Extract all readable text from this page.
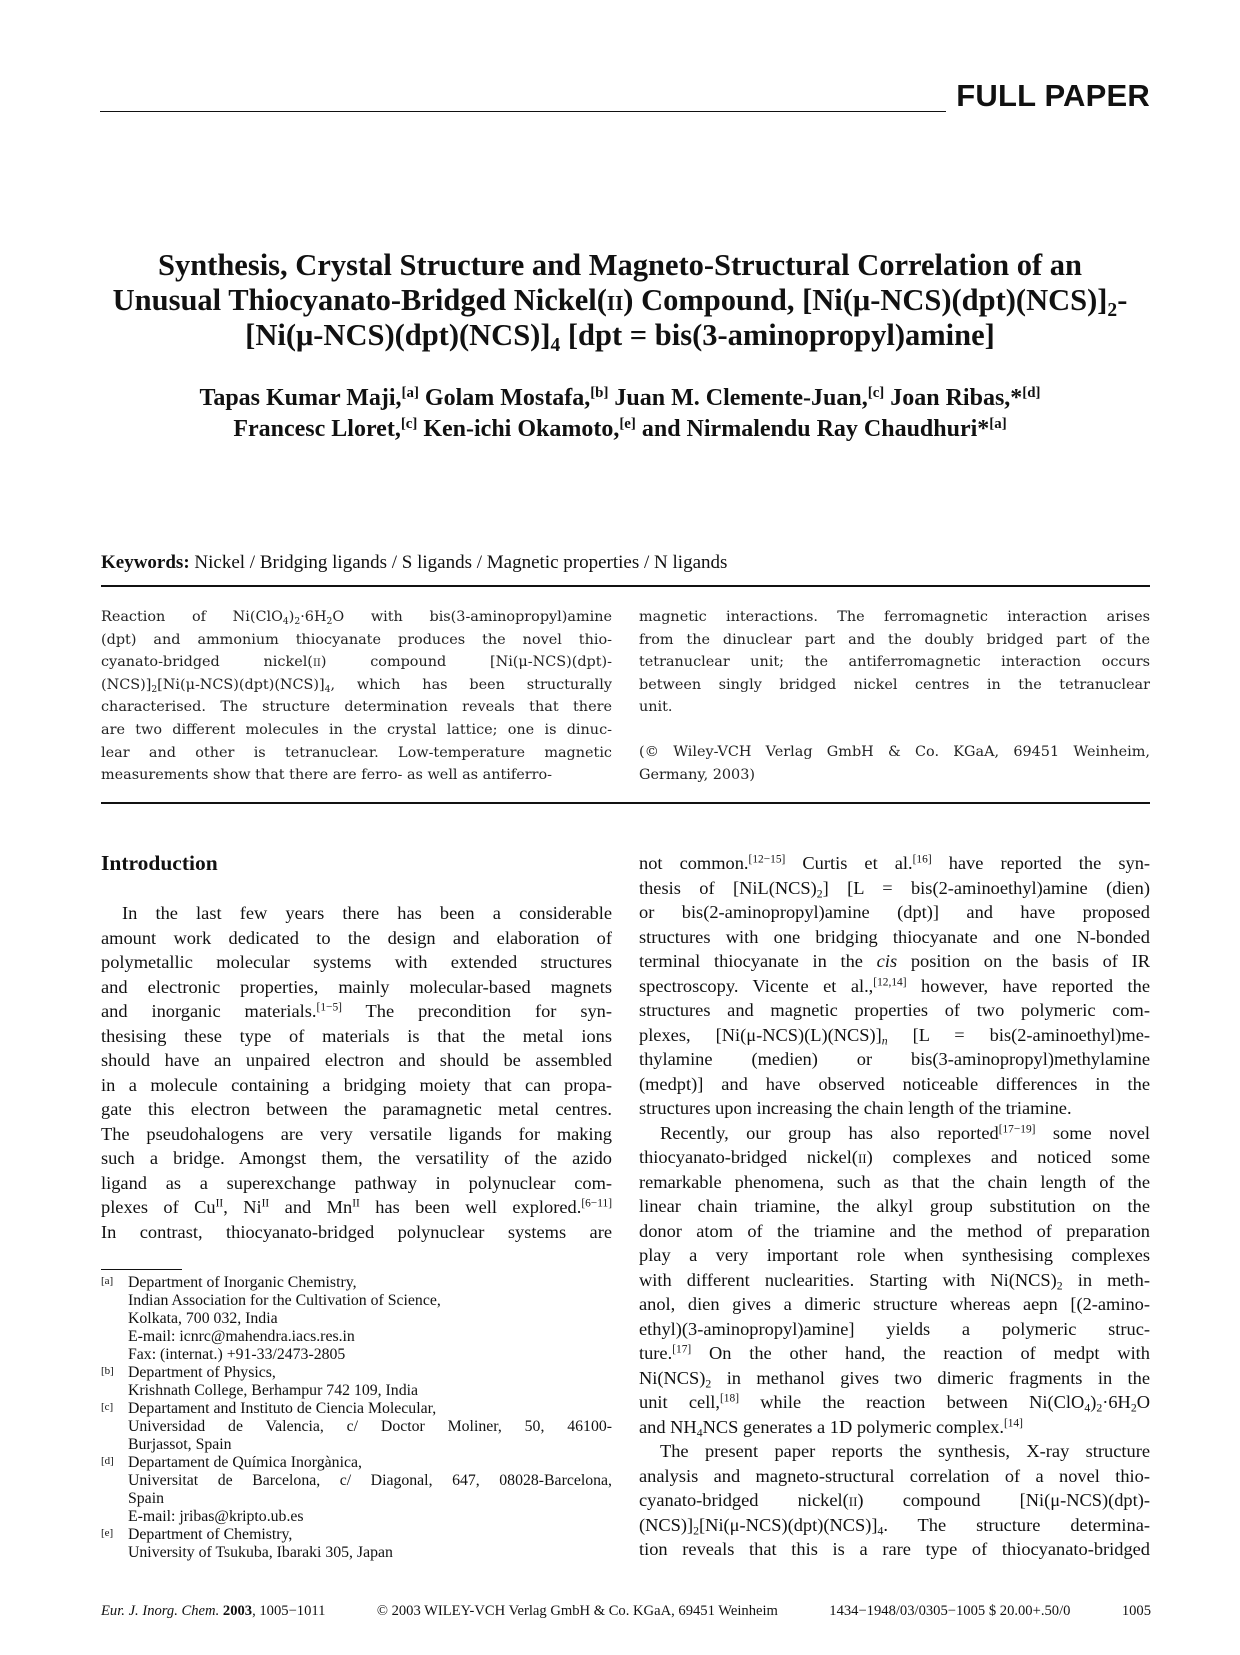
FULL PAPER
Synthesis, Crystal Structure and Magneto-Structural Correlation of an
Unusual Thiocyanato-Bridged Nickel(ii) Compound, $[Ni(\mu-NCS)(dpt)(NCS)]_2-$
$[Ni(\mu-NCS)(dpt)(NCS)]_4$ [dpt = bis(3-aminopropyl)amine]
Tapas Kumar Maji,[a] Golam Mostafa,[b] Juan M. Clemente-Juan,[c] Joan Ribas,*[d]
Francesc Lloret,[c] Ken-ichi Okamoto,[e] and Nirmalendu Ray Chaudhuri*[a]
Keywords: Nickel / Bridging ligands / S ligands / Magnetic properties / N ligands
Reaction of $Ni(ClO_4)_2\cdot 6H_2O$ with bis(3-aminopropyl)amine
(dpt) and ammonium thiocyanate produces the novel thio-
cyanato-bridged nickel(ii) compound [Ni(μ-NCS)(dpt)-
$(NCS)]_2[Ni(\mu-NCS)(dpt)(NCS)]_4$, which has been structurally
characterised. The structure determination reveals that there
are two different molecules in the crystal lattice; one is dinuc-
lear and other is tetranuclear. Low-temperature magnetic
measurements show that there are ferro- as well as antiferro-
magnetic interactions. The ferromagnetic interaction arises
from the dinuclear part and the doubly bridged part of the
tetranuclear unit; the antiferromagnetic interaction occurs
between singly bridged nickel centres in the tetranuclear
unit.
(© Wiley-VCH Verlag GmbH & Co. KGaA, 69451 Weinheim,
Germany, 2003)
Introduction
In the last few years there has been a considerable
amount work dedicated to the design and elaboration of
polymetallic molecular systems with extended structures
and electronic properties, mainly molecular-based magnets
and inorganic materials.[1−5] The precondition for syn-
thesising these type of materials is that the metal ions
should have an unpaired electron and should be assembled
in a molecule containing a bridging moiety that can propa-
gate this electron between the paramagnetic metal centres.
The pseudohalogens are very versatile ligands for making
such a bridge. Amongst them, the versatility of the azido
ligand as a superexchange pathway in polynuclear com-
plexes of $Cu^{II}$, $Ni^{II}$ and $Mn^{II}$ has been well explored.[6−11]
In contrast, thiocyanato-bridged polynuclear systems are
not common.[12−15] Curtis et al.[16] have reported the syn-
thesis of $[NiL(NCS)_2] [L$ = bis(2-aminoethyl)amine (dien)
or bis(2-aminopropyl)amine (dpt)] and have proposed
structures with one bridging thiocyanate and one N-bonded
terminal thiocyanate in the cis position on the basis of IR
spectroscopy. Vicente et al.,[12,14] however, have reported the
structures and magnetic properties of two polymeric com-
plexes, $[Ni(\mu-NCS)(L)(NCS)]_n$ [L = bis(2-aminoethyl)me-
thylamine (medien) or bis(3-aminopropyl)methylamine
(medpt)] and have observed noticeable differences in the
structures upon increasing the chain length of the triamine.
Recently, our group has also reported[17−19] some novel
thiocyanato-bridged nickel(ii) complexes and noticed some
remarkable phenomena, such as that the chain length of the
linear chain triamine, the alkyl group substitution on the
donor atom of the triamine and the method of preparation
play a very important role when synthesising complexes
with different nuclearities. Starting with $Ni(NCS)_2$ in meth-
anol, dien gives a dimeric structure whereas aepn [(2-amino-
ethyl)(3-aminopropyl)amine] yields a polymeric struc-
ture.[17] On the other hand, the reaction of medpt with
$Ni(NCS)_2$ in methanol gives two dimeric fragments in the
unit cell,[18] while the reaction between $Ni(ClO_4)_2\cdot 6H_2O$
and $NH_4NCS$ generates a 1D polymeric complex.[14]
The present paper reports the synthesis, X-ray structure
analysis and magneto-structural correlation of a novel thio-
cyanato-bridged nickel(ii) compound [Ni(μ-NCS)(dpt)-
$(NCS)]_2[Ni(\mu-NCS)(dpt)(NCS)]_4$. The structure determina-
tion reveals that this is a rare type of thiocyanato-bridged
[a] Department of Inorganic Chemistry,
Indian Association for the Cultivation of Science,
Kolkata, 700 032, India
E-mail: icnrc@mahendra.iacs.res.in
Fax: (internat.) +91-33/2473-2805
[b] Department of Physics,
Krishnath College, Berhampur 742 109, India
[c] Departament and Instituto de Ciencia Molecular,
Universidad de Valencia, c/ Doctor Moliner, 50, 46100-
Burjassot, Spain
[d] Departament de Química Inorgànica,
Universitat de Barcelona, c/ Diagonal, 647, 08028-Barcelona,
Spain
E-mail: jribas@kripto.ub.es
[e] Department of Chemistry,
University of Tsukuba, Ibaraki 305, Japan
Eur. J. Inorg. Chem. 2003, 1005−1011	© 2003 WILEY-VCH Verlag GmbH & Co. KGaA, 69451 Weinheim	1434−1948/03/0305−1005 $ 20.00+.50/0	1005
